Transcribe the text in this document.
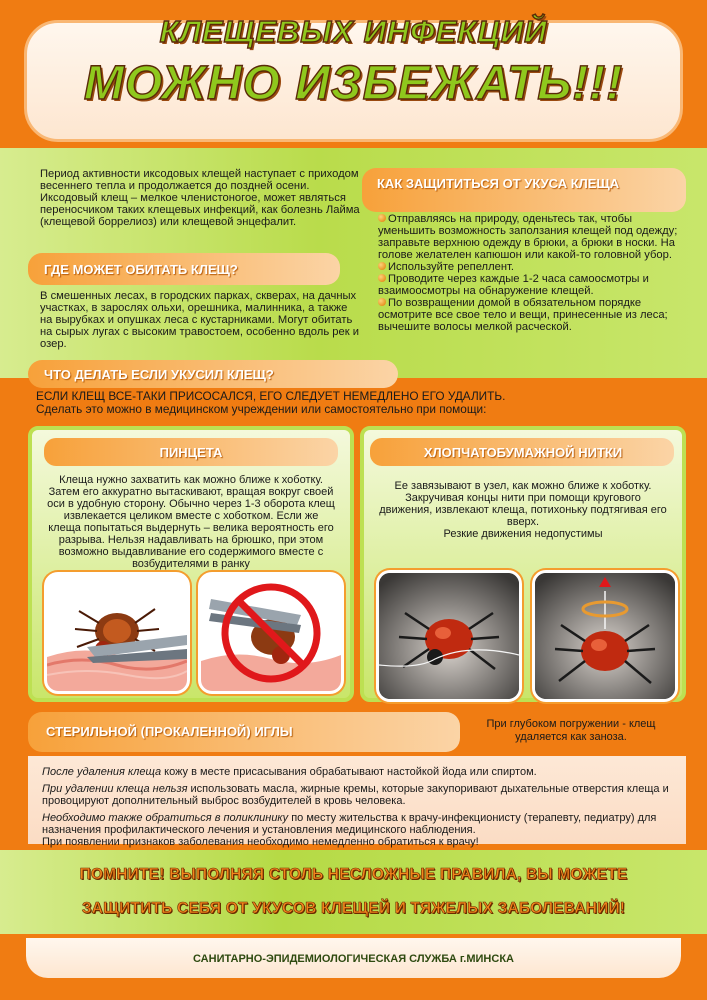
КЛЕЩЕВЫХ ИНФЕКЦИЙ
МОЖНО ИЗБЕЖАТЬ!!!
Период активности иксодовых клещей наступает с приходом весеннего тепла и продолжается до поздней осени. Иксодовый клещ – мелкое членистоногое, может являться переносчиком таких клещевых инфекций, как болезнь Лайма (клещевой боррелиоз) или клещевой энцефалит.
ГДЕ МОЖЕТ ОБИТАТЬ КЛЕЩ?
В смешенных лесах, в городских парках, скверах, на дачных участках, в зарослях ольхи, орешника, малинника, а также на вырубках и опушках леса с кустарниками. Могут обитать на сырых лугах с высоким травостоем, особенно вдоль рек и озер.
КАК ЗАЩИТИТЬСЯ ОТ УКУСА КЛЕЩА
Отправляясь на природу, оденьтесь так, чтобы уменьшить возможность заползания клещей под одежду; заправьте верхнюю одежду в брюки, а брюки в носки. На голове желателен капюшон или какой-то головной убор.
Используйте репеллент.
Проводите через каждые 1-2 часа самоосмотры и взаимоосмотры на обнаружение клещей.
По возвращении домой в обязательном порядке осмотрите все свое тело и вещи, принесенные из леса; вычешите волосы мелкой расческой.
ЧТО ДЕЛАТЬ ЕСЛИ УКУСИЛ КЛЕЩ?
ЕСЛИ КЛЕЩ ВСЕ-ТАКИ ПРИСОСАЛСЯ, ЕГО СЛЕДУЕТ НЕМЕДЛЕНО ЕГО УДАЛИТЬ.
Сделать это можно в медицинском учреждении или самостоятельно при помощи:
ПИНЦЕТА
Клеща нужно захватить как можно ближе к хоботку. Затем его аккуратно вытаскивают, вращая вокруг своей оси в удобную сторону. Обычно через 1-3 оборота клещ извлекается целиком вместе с хоботком. Если же клеща попытаться выдернуть – велика вероятность его разрыва. Нельзя надавливать на брюшко, при этом возможно выдавливание его содержимого вместе с возбудителями в ранку
ХЛОПЧАТОБУМАЖНОЙ НИТКИ
Ее завязывают в узел, как можно ближе к хоботку. Закручивая концы нити при помощи кругового движения, извлекают клеща, потихоньку подтягивая его вверх.
Резкие движения недопустимы
СТЕРИЛЬНОЙ (ПРОКАЛЕННОЙ) ИГЛЫ	При глубоком погружении - клещ удаляется как заноза.

После удаления клеща кожу в месте присасывания обрабатывают настойкой йода или спиртом.

При удалении клеща нельзя использовать масла, жирные кремы, которые закупоривают дыхательные отверстия клеща и провоцируют дополнительный выброс возбудителей в кровь человека.

Необходимо также обратиться в поликлинику по месту жительства к врачу-инфекционисту (терапевту, педиатру) для назначения профилактического лечения и установления медицинского наблюдения.

При появлении признаков заболевания необходимо немедленно обратиться к врачу!

ПОМНИТЕ! ВЫПОЛНЯЯ СТОЛЬ НЕСЛОЖНЫЕ ПРАВИЛА, ВЫ МОЖЕТЕ
ЗАЩИТИТЬ СЕБЯ ОТ УКУСОВ КЛЕЩЕЙ И ТЯЖЕЛЫХ ЗАБОЛЕВАНИЙ!
САНИТАРНО-ЭПИДЕМИОЛОГИЧЕСКАЯ СЛУЖБА г.МИНСКА
